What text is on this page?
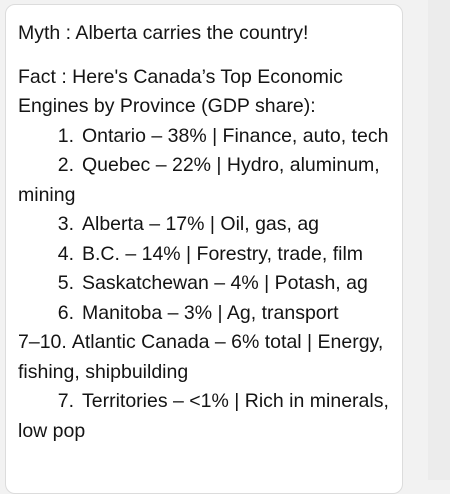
Myth : Alberta carries the country!

Fact : Here's Canada’s Top Economic Engines by Province (GDP share):

1. Ontario – 38% | Finance, auto, tech
2. Quebec – 22% | Hydro, aluminum, mining
3. Alberta – 17% | Oil, gas, ag
4. B.C. – 14% | Forestry, trade, film
5. Saskatchewan – 4% | Potash, ag
6. Manitoba – 3% | Ag, transport
7–10. Atlantic Canada – 6% total | Energy, fishing, shipbuilding
7. Territories – <1% | Rich in minerals, low pop
